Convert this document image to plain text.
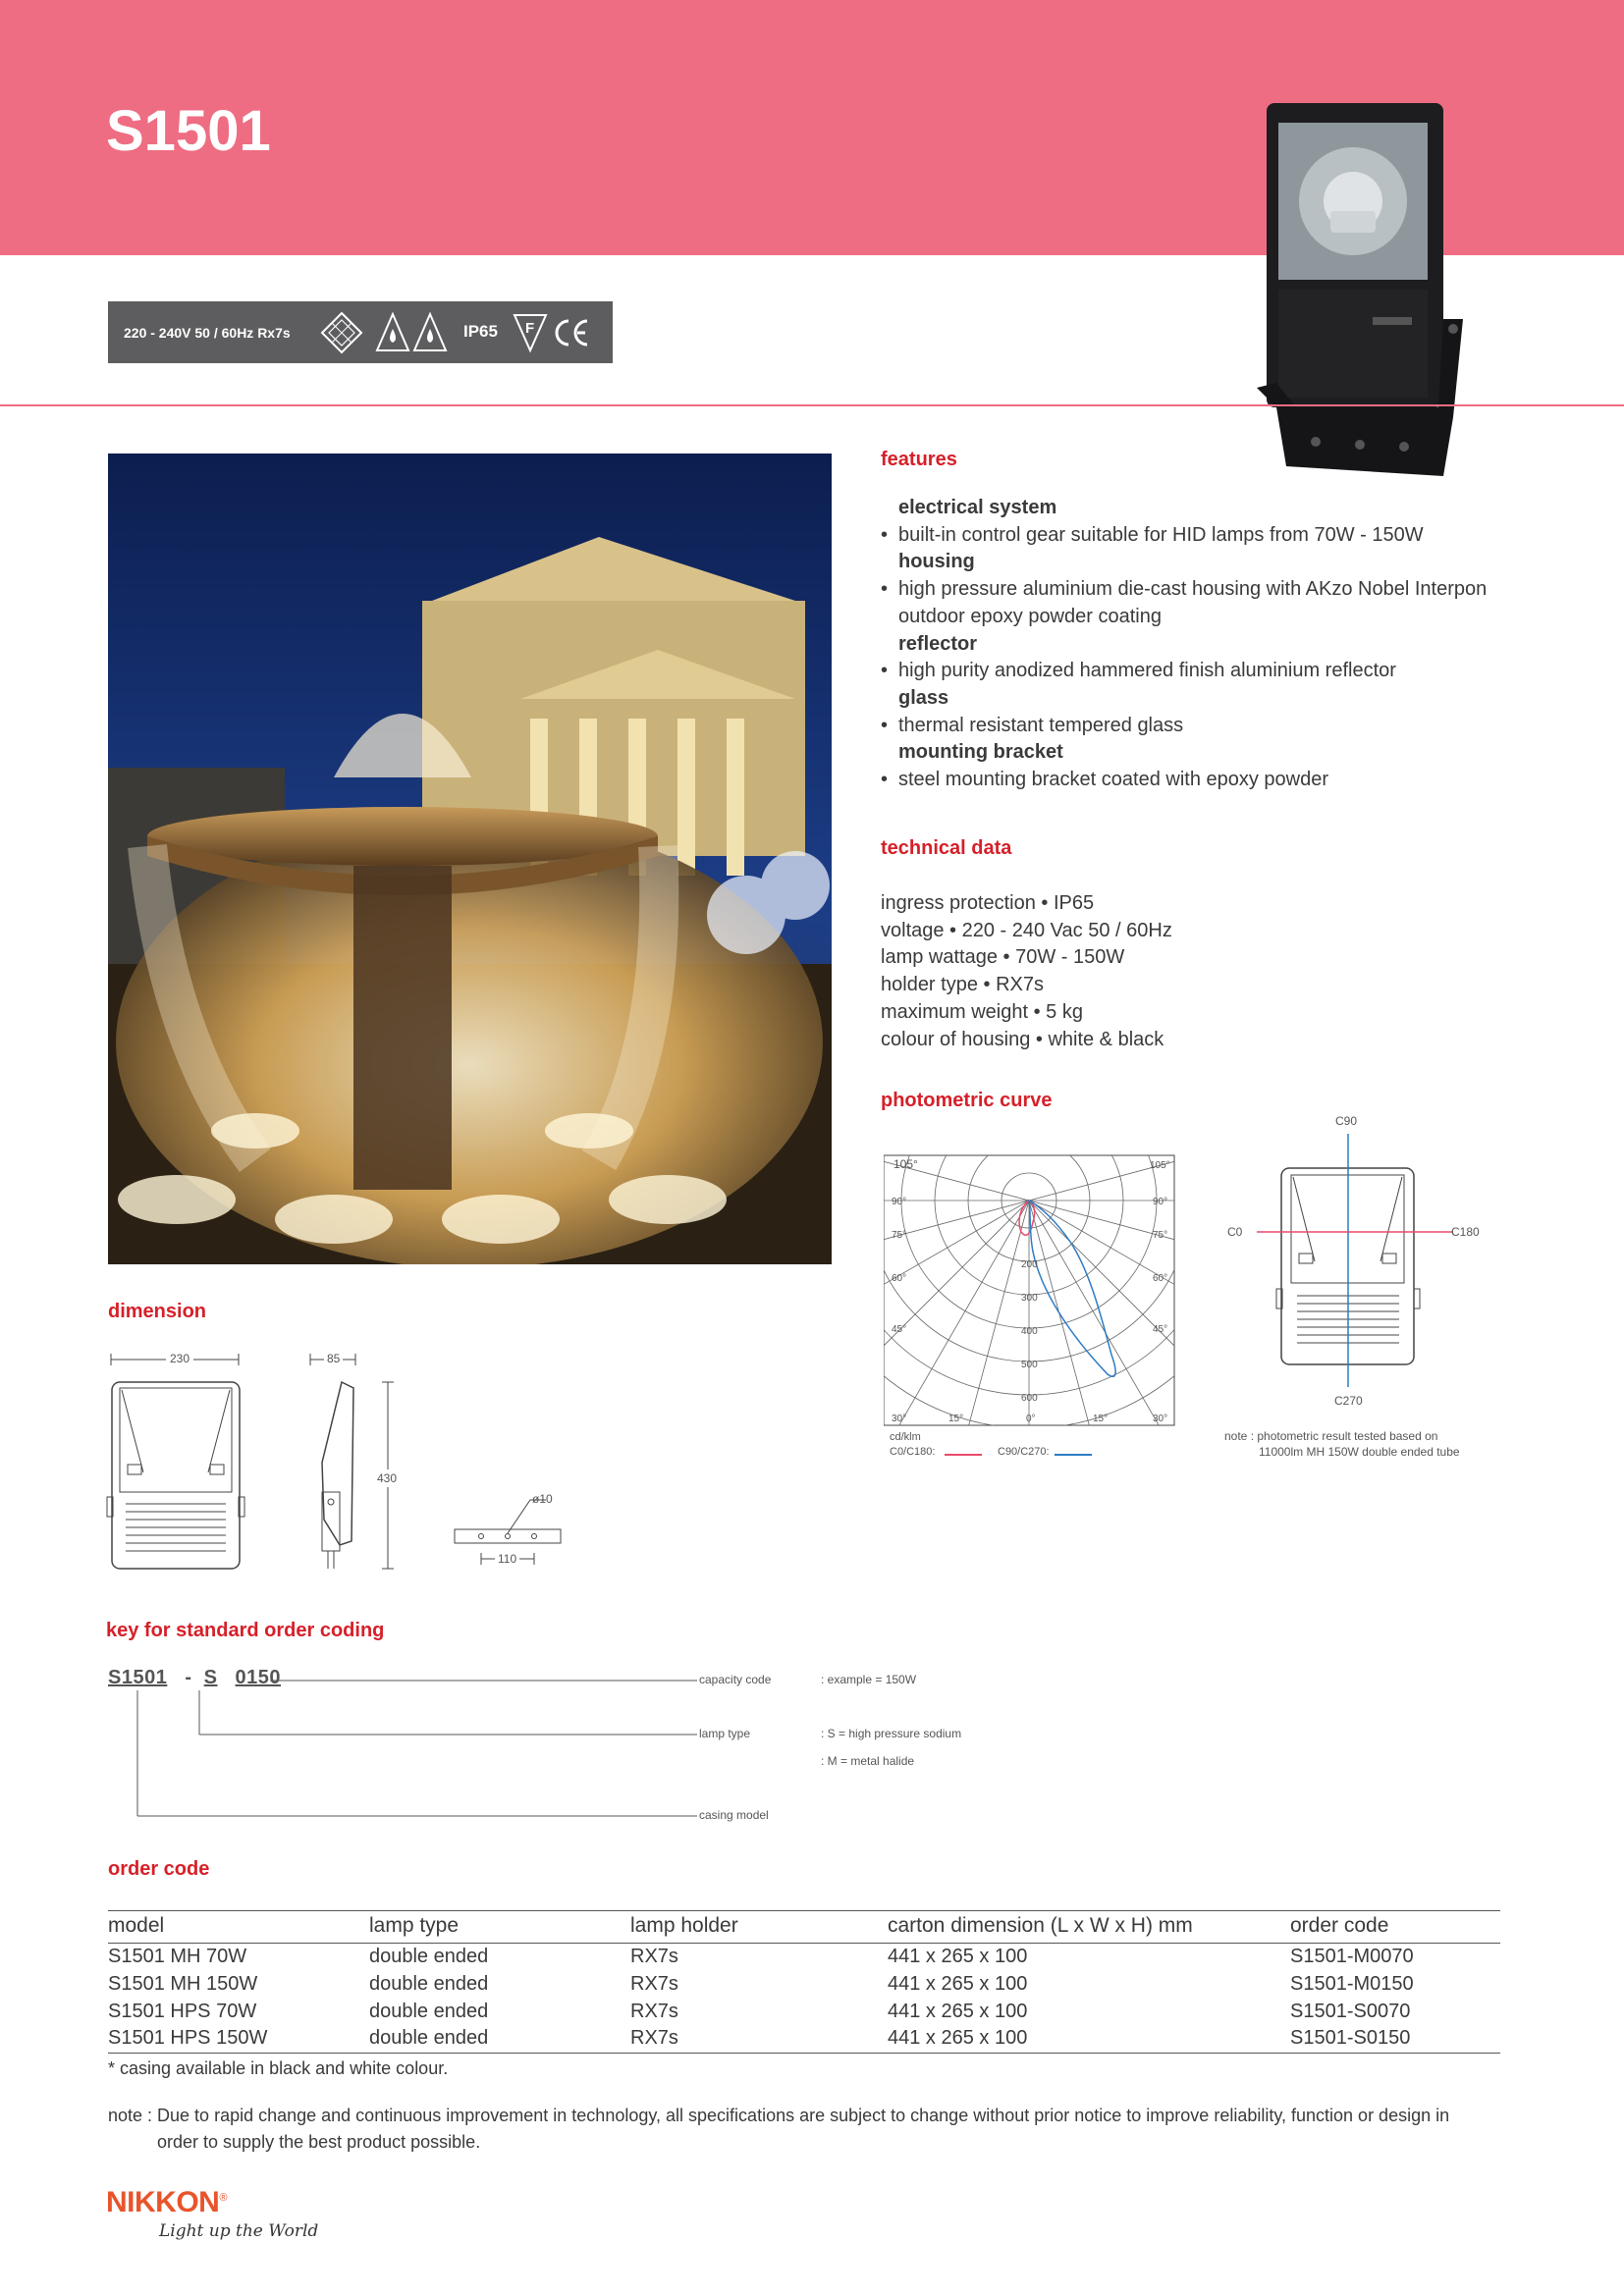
S1501
220 - 240V 50 / 60Hz Rx7s	IP65 F
features
electrical system
• built-in control gear suitable for HID lamps from 70W - 150W
housing
• high pressure aluminium die-cast housing with AKzo Nobel Interpon outdoor epoxy powder coating
reflector
• high purity anodized hammered finish aluminium reflector
glass
• thermal resistant tempered glass
mounting bracket
• steel mounting bracket coated with epoxy powder
technical data
ingress protection • IP65
voltage • 220 - 240 Vac 50 / 60Hz
lamp wattage • 70W - 150W
holder type • RX7s
maximum weight • 5 kg
colour of housing • white & black
photometric curve
105°	105°
90°	90°
75°	75°
60°	60°
45°	45°
30°	15°	0°	15°	30°
200
300
400
500
600
cd/klm
C0/C180:	C90/C270:
C90
C270
C0	C180
note : photometric result tested based on
11000lm MH 150W double ended tube
dimension
230	85
430
ø10
110
key for standard order coding
S1501 - S 0150	capacity code	: example = 150W
lamp type	: S = high pressure sodium
: M = metal halide
casing model
order code
model	lamp type	lamp holder	carton dimension (L x W x H) mm	order code
S1501 MH 70W	double ended	RX7s	441 x 265 x 100	S1501-M0070
S1501 MH 150W	double ended	RX7s	441 x 265 x 100	S1501-M0150
S1501 HPS 70W	double ended	RX7s	441 x 265 x 100	S1501-S0070
S1501 HPS 150W	double ended	RX7s	441 x 265 x 100	S1501-S0150
* casing available in black and white colour.
note : Due to rapid change and continuous improvement in technology, all specifications are subject to change without prior notice to improve reliability, function or design in
order to supply the best product possible.
NIKKON®
Light up the World
